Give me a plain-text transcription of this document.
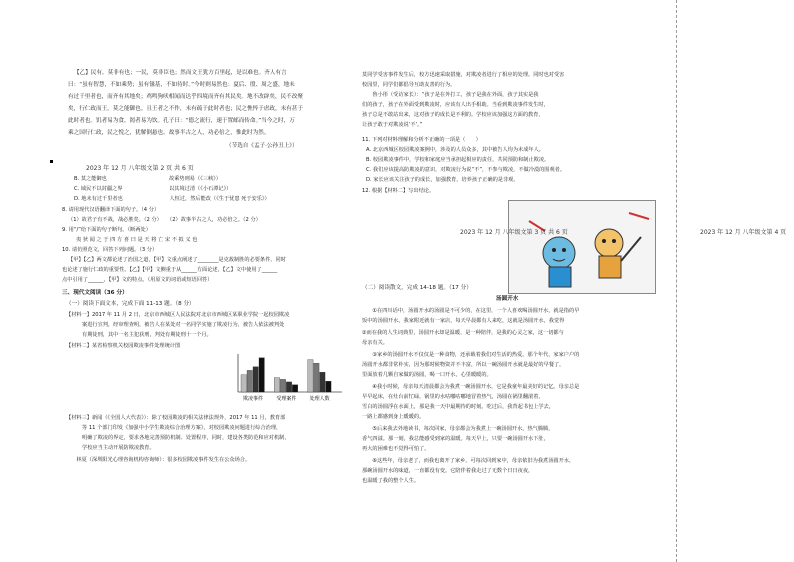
【乙】民有，莫非有也；一民，莫非臣也；然而文王犹方百里起，是以难也。齐人有言
曰：“虽有智慧，不如乘势；虽有镃基，不如待时。”今时则易然也：夏后、殷、周之盛，地未
有过千里者也，而齐有其地矣；鸡鸣狗吠相闻而达乎四境而齐有其民矣。地不改辟矣，民不改聚
矣，行仁政而王，莫之能御也。且王者之不作，未有疏于此时者也；民之憔悴于虐政，未有甚于
此时者也。饥者易为食，渴者易为饮。孔子曰：“德之流行，速于置邮而传命。”当今之时，万
乘之国行仁政，民之悦之，犹解倒悬也。故事半古之人，功必倍之，惟此时为然。
（节选自《孟子·公孙丑上》）
2023 年 12 月 八年级文第 2 页 共 6 页
B. 莫之能御也　　　　　　　　　　　　故乘势则易（《三峡》）
C. 域民不以封疆之界　　　　　　　　　以其境过清（《小石潭记》）
D. 地未有过千里者也　　　　　　　　　人恒过，然后能改（《生于忧患 死于安乐》）
8. 请用现代汉语翻译下面的句子。（4 分）
（1）故君子有不战，战必胜矣。（2 分）　　（2）故事半古之人，功必倍之。（2 分）
9. 用“/”给下面的句子断句。（断两处）
夷 狄 闻 之 于 四 方 喜 曰 是 天 将 亡 宋 不 拟 义 也
10. 请仿照范文，回答下列问题。（3 分）
【甲】【乙】两文都论述了治国之道，【甲】文重点阐述了________是克敌制胜的必要条件，同时
也论述了施行仁政的重要性。【乙】【甲】文侧重于从______方面论述，【乙】文中使用了______
点中引用了______，【甲】文的特点。（用原文的词语或短语回答）
三、现代文阅读（36 分）
（一）阅读下面文本，完成下面 11-13 题。（8 分）
【材料一】2017 年 11 月 2 日，北京市西城区人民法院对北京市西城区某职业学院一起校园欺凌
案进行宣判，经审理查明，被告人在某处对一名同学实施了欺凌行为，被告人依法被判处
有期徒刑，其中一名主犯获刑，判处有期徒刑十一个月。
【材料二】某省检察机关校园欺凌事件处理统计图
欺凌事件	受理案件	处理人数
【材料三】新闻（《全国人大代表》）：除了校园欺凌的相关法律法规外，2017 年 11 月，教育部
等 11 个部门印发《加强中小学生欺凌综合治理方案》，对校园欺凌问题进行综合治理，
明确了欺凌的界定，要求各地完善预防机制、处置程序，同时，建设各类防范和应对机制，
学校应当主动开展防欺凌教育。
　　林夏（深圳阳光心理咨询机构咨询师）：很多校园欺凌事件发生在公众场合。
莫同学受害事件发生后，校方迅速采取措施，对欺凌者进行了相应的处理。同时也对受害
校园里，同学们都倡导互助友善的行为。
　　鲁小彤（受访家长）：“孩子是在外打工，孩子是我在外面，孩子其实是我
们的孩子，孩子在外面受到欺凌时，应该有人出手相助。当看到欺凌事件发生时，
孩子总是不敢站出来，这对孩子的成长是不利的。学校应该加强这方面的教育，
让孩子敢于对欺凌说‘不’。”
11. 下列对材料理解和分析不正确的一项是（　　）
A. 北京西城区校园欺凌案例中，涉及的人员众多，其中被告人均为未成年人。
B. 校园欺凌事件中，学校和家庭应当承担起相应的责任，共同预防和制止欺凌。
C. 我们应该提高防欺凌的意识，对欺凌行为说“不”，不参与欺凌，不做冷漠的围观者。
D. 家长应该关注孩子的成长，加强教育，培养孩子正确的是非观。
12. 根据【材料二】写出结论。
2023 年 12 月 八年级文第 3 页 共 6 页
（二）阅读散文，完成 14-18 题。（17 分）
汤圆开水
　　①在四川话中，汤圆开水的汤圆是不可少的，在这里，一个人喜欢喝汤圆开水，就是指的早
饭中的汤圆开水。我家附近就有一家店，每天早晨都有人来吃，这就是汤圆开水，我觉得
②而在我的人生词典里，汤圆开水却是温暖、是一种陪伴，是我的心灵之家，这一切都与
母亲有关。
　　③家乡的汤圆开水不仅仅是一种食物，还承载着我们对生活的热爱。那个年代，家家户户的
汤圆开水都非常朴实，因为那时候物资并不丰富，所以一碗汤圆开水就是最好的早餐了，
里面放着几颗自家做的汤圆，喝一口开水，心里暖暖的。
　　④我小时候，母亲每天清晨都会为我煮一碗汤圆开水，它是我童年最美好的记忆。母亲总是
早早起床，在灶台前忙碌，锅里的水咕嘟咕嘟地冒着热气，汤圆在锅里翻滚着，
雪白的汤圆浮在水面上，那是我一天中最期待的时刻。吃过后，我背起书包上学去，
一路上都感到身上暖暖的。
　　⑤后来我去外地读书，每次回家，母亲都会为我煮上一碗汤圆开水，热气腾腾，
香气四溢。那一刻，我总能感受到家的温暖。每天早上，只要一碗汤圆开水下肚，
再大的困难也不觉得可怕了。
　　⑥这些年，母亲老了，而我也离开了家乡，可每次回到家中，母亲依旧为我煮汤圆开水，
那碗汤圆开水的味道，一直都没有变。它陪伴着我走过了无数个日日夜夜，
也温暖了我的整个人生。
2023 年 12 月 八年级文第 4 页
